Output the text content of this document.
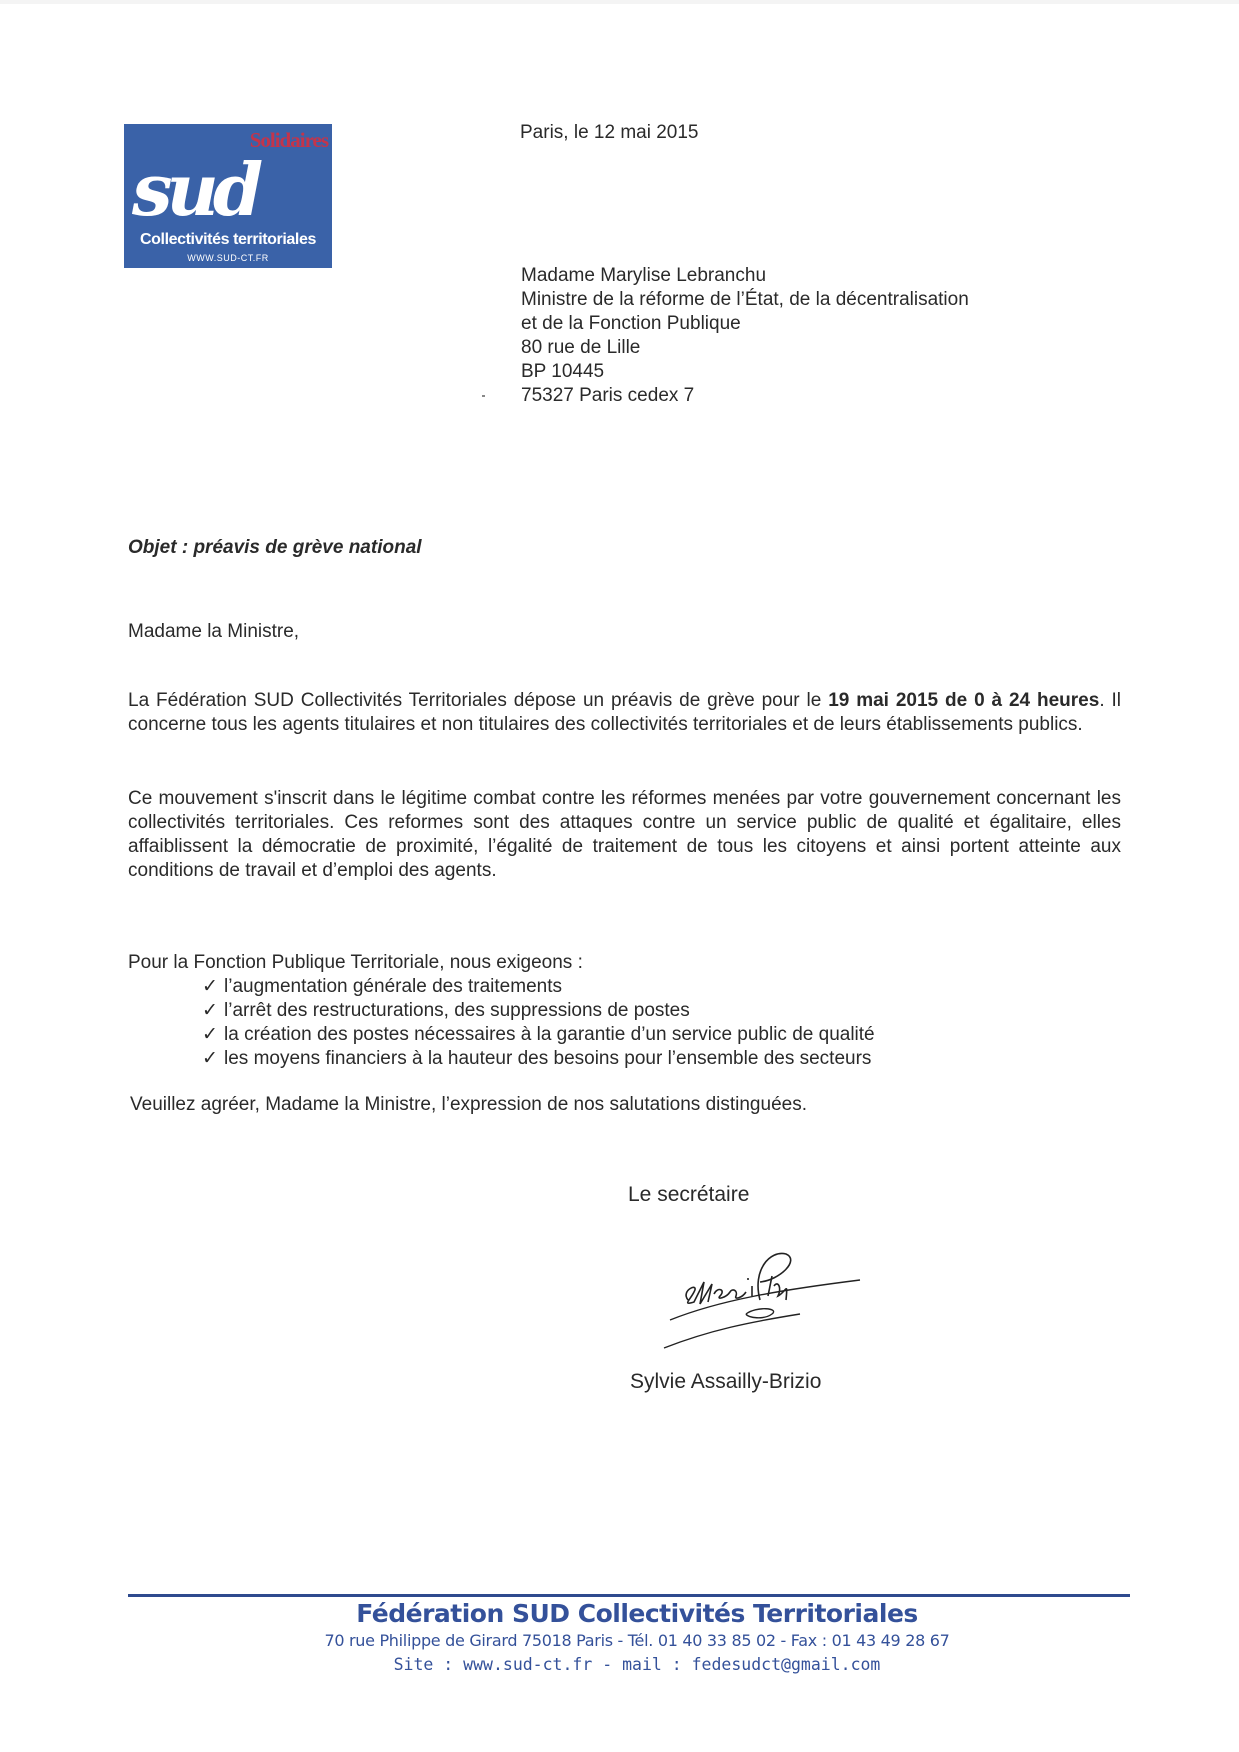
Solidaires
sud
Collectivités territoriales
WWW.SUD-CT.FR
Paris, le 12 mai 2015
Madame Marylise Lebranchu
Ministre de la réforme de l’État, de la décentralisation
et de la Fonction Publique
80 rue de Lille
BP 10445
75327 Paris cedex 7
Objet : préavis de grève national
Madame la Ministre,
La Fédération SUD Collectivités Territoriales dépose un préavis de grève pour le 19 mai 2015 de 0 à 24 heures. Il concerne tous les agents titulaires et non titulaires des collectivités territoriales et de leurs établissements publics.
Ce mouvement s'inscrit dans le légitime combat contre les réformes menées par votre gouvernement concernant les collectivités territoriales. Ces reformes sont des attaques contre un service public de qualité et égalitaire, elles affaiblissent la démocratie de proximité, l’égalité de traitement de tous les citoyens et ainsi portent atteinte aux conditions de travail et d’emploi des agents.
Pour la Fonction Publique Territoriale, nous exigeons :
✓ l’augmentation générale des traitements
✓ l’arrêt des restructurations, des suppressions de postes
✓ la création des postes nécessaires à la garantie d’un service public de qualité
✓ les moyens financiers à la hauteur des besoins pour l’ensemble des secteurs
Veuillez agréer, Madame la Ministre, l’expression de nos salutations distinguées.
Le secrétaire
Sylvie Assailly-Brizio
Fédération SUD Collectivités Territoriales
70 rue Philippe de Girard 75018 Paris - Tél. 01 40 33 85 02 - Fax : 01 43 49 28 67
Site : www.sud-ct.fr - mail : fedesudct@gmail.com
